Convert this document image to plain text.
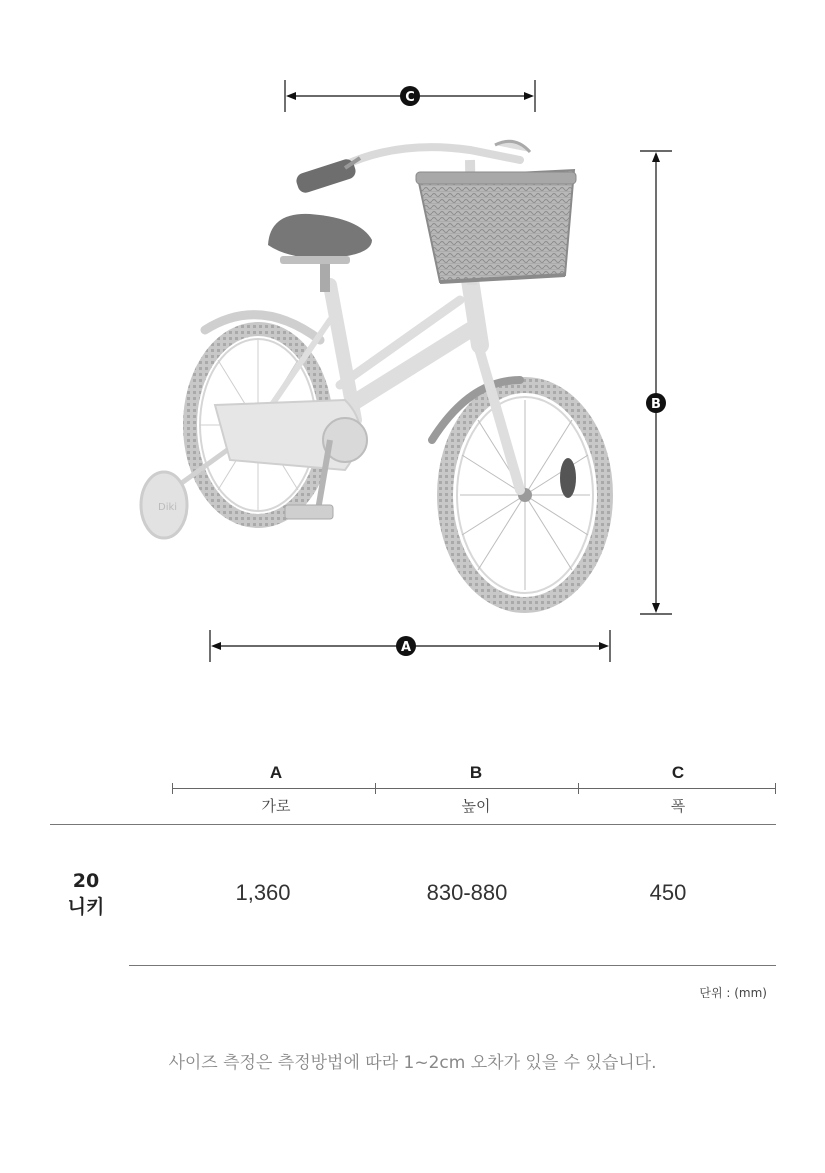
C
B
A
Diki
A	B	C
가로	높이	폭
20
니키
1,360	830-880	450
단위 : (mm)
사이즈 측정은 측정방법에 따라 1~2cm 오차가 있을 수 있습니다.
